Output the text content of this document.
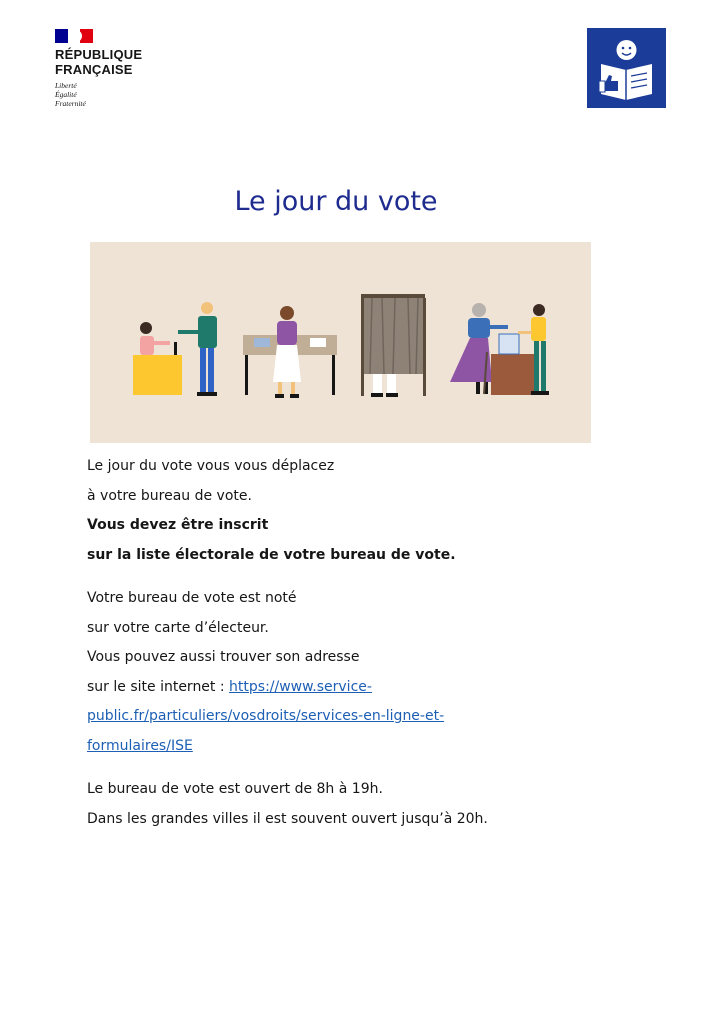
RÉPUBLIQUE
FRANÇAISE
Liberté
Égalité
Fraternité
Le jour du vote

Le jour du vote vous vous déplacez

à votre bureau de vote.

Vous devez être inscrit

sur la liste électorale de votre bureau de vote.

Votre bureau de vote est noté

sur votre carte d’électeur.

Vous pouvez aussi trouver son adresse

sur le site internet : https://www.service-

public.fr/particuliers/vosdroits/services-en-ligne-et-

formulaires/ISE

Le bureau de vote est ouvert de 8h à 19h.

Dans les grandes villes il est souvent ouvert jusqu’à 20h.
